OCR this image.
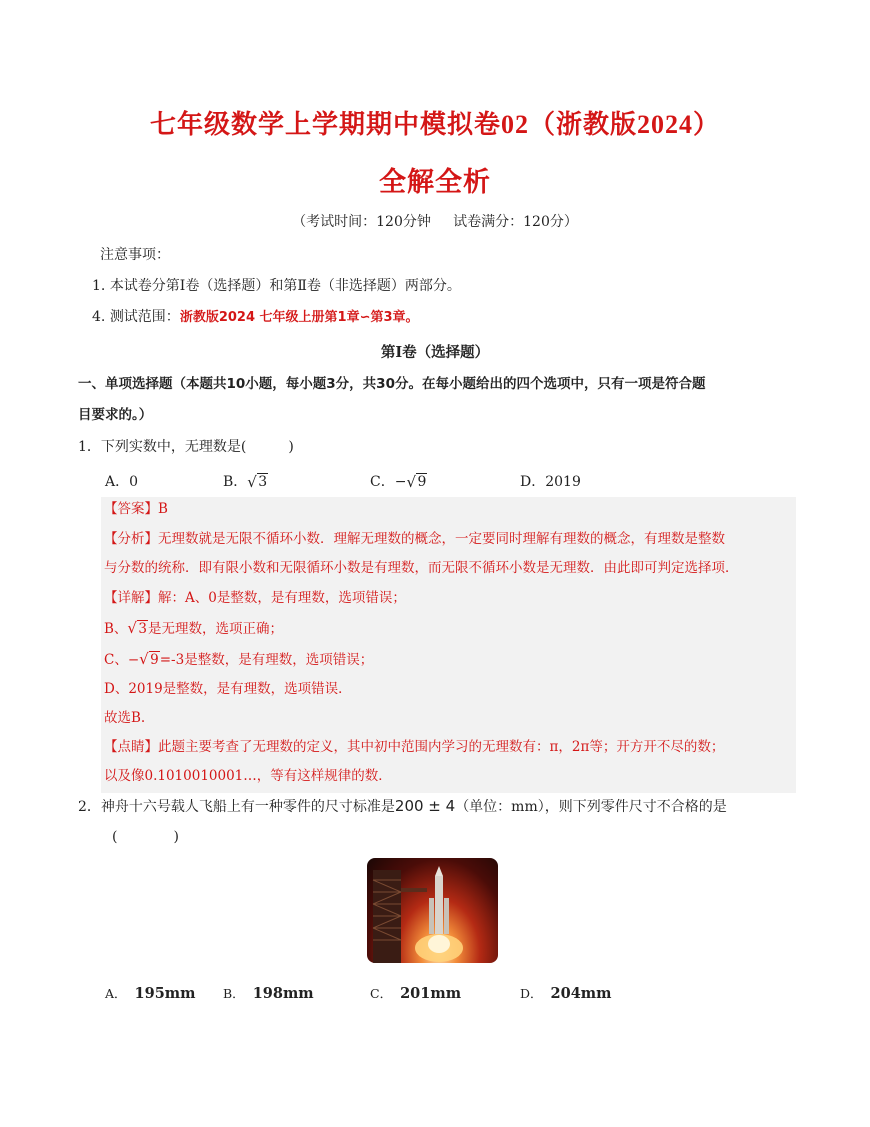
七年级数学上学期期中模拟卷02（浙教版2024）
全解全析
（考试时间：120分钟 试卷满分：120分）
注意事项：
1. 本试卷分第Ⅰ卷（选择题）和第Ⅱ卷（非选择题）两部分。
4. 测试范围：浙教版2024 七年级上册第1章∽第3章。
第Ⅰ卷（选择题）
一、单项选择题（本题共10小题，每小题3分，共30分。在每小题给出的四个选项中，只有一项是符合题
目要求的。）
1．下列实数中，无理数是(　　　)
A．0	B． √ 3	C．− √ 9	D．2019
【答案】B
【分析】无理数就是无限不循环小数．理解无理数的概念，一定要同时理解有理数的概念，有理数是整数
与分数的统称．即有限小数和无限循环小数是有理数，而无限不循环小数是无理数．由此即可判定选择项．
【详解】解：A、0是整数，是有理数，选项错误；
B、 √ 3是无理数，选项正确；
C、− √ 9=-3是整数，是有理数，选项错误；
D、2019是整数，是有理数，选项错误．
故选B.
【点睛】此题主要考查了无理数的定义，其中初中范围内学习的无理数有：π，2π等；开方开不尽的数；
以及像0.1010010001…，等有这样规律的数．
2．神舟十六号载人飞船上有一种零件的尺寸标准是200 ± 4（单位：mm），则下列零件尺寸不合格的是
(　　　　)
A． 195mm B． 198mm	C． 201mm	D． 204mm
